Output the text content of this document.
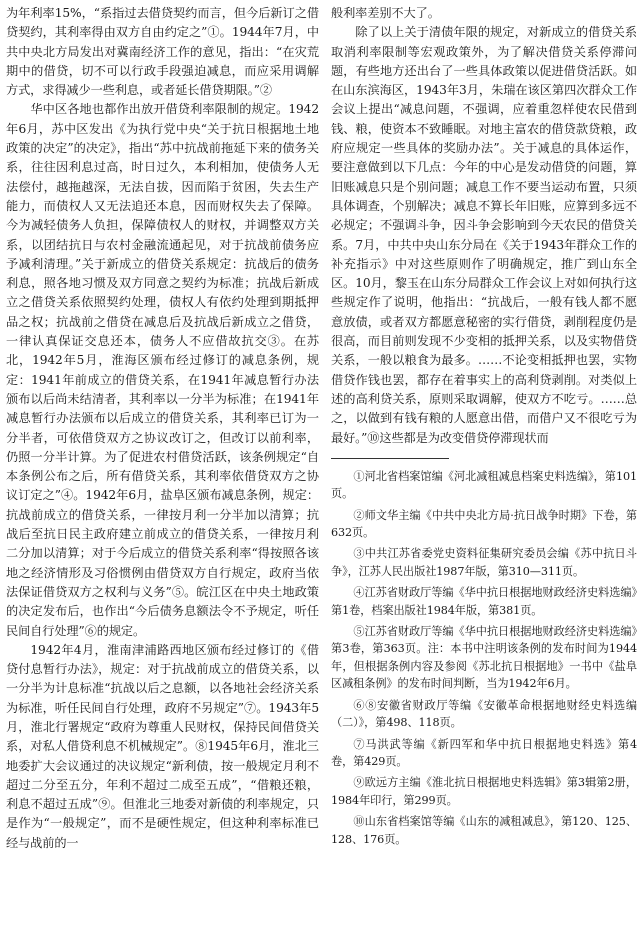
为年利率15%，“系指过去借贷契约而言，但今后新订之借贷契约，其利率得由双方自由约定之”①。1944年7月，中共中央北方局发出对冀南经济工作的意见，指出：“在灾荒期中的借贷，切不可以行政手段强迫减息，而应采用调解方式，求得减少一些利息，或者延长借贷期限。”②

华中区各地也都作出放开借贷利率限制的规定。1942年6月，苏中区发出《为执行党中央“关于抗日根据地土地政策的决定”的决定》，指出“苏中抗战前拖延下来的债务关系，往往因利息过高，时日过久，本利相加，使债务人无法偿付，越拖越深，无法自拔，因而陷于贫困，失去生产能力，而债权人又无法追还本息，因而财权失去了保障。今为减轻债务人负担，保障债权人的财权，并调整双方关系，以团结抗日与农村金融流通起见，对于抗战前债务应予减利清理。”关于新成立的借贷关系规定：抗战后的债务利息，照各地习惯及双方同意之契约为标准；抗战后新成立之借贷关系依照契约处理，债权人有依约处理到期抵押品之权；抗战前之借贷在减息后及抗战后新成立之借贷，一律认真保证交息还本，债务人不应借故抗交③。在苏北，1942年5月，淮海区颁布经过修订的减息条例，规定：1941年前成立的借贷关系，在1941年减息暂行办法颁布以后尚未结清者，其利率以一分半为标准；在1941年减息暂行办法颁布以后成立的借贷关系，其利率已订为一分半者，可依借贷双方之协议改订之，但改订以前利率，仍照一分半计算。为了促进农村借贷活跃，该条例规定“自本条例公布之后，所有借贷关系，其利率依借贷双方之协议订定之”④。1942年6月，盐阜区颁布减息条例，规定：抗战前成立的借贷关系，一律按月利一分半加以清算；抗战后至抗日民主政府建立前成立的借贷关系，一律按月利二分加以清算；对于今后成立的借贷关系利率“得按照各该地之经济情形及习俗惯例由借贷双方自行规定，政府当依法保证借贷双方之权利与义务”⑤。皖江区在中央土地政策的决定发布后，也作出“今后债务息额法令不予规定，听任民间自行处理”⑥的规定。

1942年4月，淮南津浦路西地区颁布经过修订的《借贷付息暂行办法》，规定：对于抗战前成立的借贷关系，以一分半为计息标准“抗战以后之息额，以各地社会经济关系为标准，听任民间自行处理，政府不另规定”⑦。1943年5月，淮北行署规定“政府为尊重人民财权，保持民间借贷关系，对私人借贷利息不机械规定”。⑧1945年6月，淮北三地委扩大会议通过的决议规定“新利债，按一般规定月利不超过二分至五分，年利不超过二成至五成”，“借粮还粮，利息不超过五成”⑨。但淮北三地委对新债的利率规定，只是作为“一般规定”，而不是硬性规定，但这种利率标准已经与战前的一

般利率差别不大了。

除了以上关于清债年限的规定，对新成立的借贷关系取消利率限制等宏观政策外，为了解决借贷关系停滞问题，有些地方还出台了一些具体政策以促进借贷活跃。如在山东滨海区，1943年3月，朱瑞在该区第四次群众工作会议上提出“减息问题，不强调，应着重忽样使农民借到钱、粮，使资本不致睡眠。对地主富农的借贷款贷粮，政府应规定一些具体的奖励办法”。关于减息的具体运作，要注意做到以下几点：今年的中心是发动借贷的问题，算旧账减息只是个别问题；减息工作不要当运动布置，只须具体调查，个别解决；减息不算长年旧账，应算到多远不必规定；不强调斗争，因斗争会影响到今天农民的借贷关系。7月，中共中央山东分局在《关于1943年群众工作的补充指示》中对这些原则作了明确规定，推广到山东全区。10月，黎玉在山东分局群众工作会议上对如何执行这些规定作了说明，他指出：“抗战后，一般有钱人都不愿意放债，或者双方都愿意秘密的实行借贷，剥削程度仍是很高，而目前则发现不少变相的抵押关系，以及实物借贷关系，一般以粮食为最多。……不论变相抵押也罢，实物借贷作钱也罢，都存在着事实上的高利贷剥削。对类似上述的高利贷关系，原则采取调解，使双方不吃亏。……总之，以做到有钱有粮的人愿意出借，而借户又不很吃亏为最好。”⑩这些都是为改变借贷停滞现状而

①河北省档案馆编《河北减租减息档案史料选编》，第101页。

②师文华主编《中共中央北方局·抗日战争时期》下卷，第632页。

③中共江苏省委党史资料征集研究委员会编《苏中抗日斗争》，江苏人民出版社1987年版，第310—311页。

④江苏省财政厅等编《华中抗日根据地财政经济史料选编》第1卷，档案出版社1984年版，第381页。

⑤江苏省财政厅等编《华中抗日根据地财政经济史料选编》第3卷，第363页。注：本书中注明该条例的发布时间为1944年，但根据条例内容及参阅《苏北抗日根据地》一书中《盐阜区减租条例》的发布时间判断，当为1942年6月。

⑥⑧安徽省财政厅等编《安徽革命根据地财经史料选编（二）》，第498、118页。

⑦马洪武等编《新四军和华中抗日根据地史料选》第4卷，第429页。

⑨欧远方主编《淮北抗日根据地史料选辑》第3辑第2册，1984年印行，第299页。

⑩山东省档案馆等编《山东的减租减息》，第120、125、128、176页。
